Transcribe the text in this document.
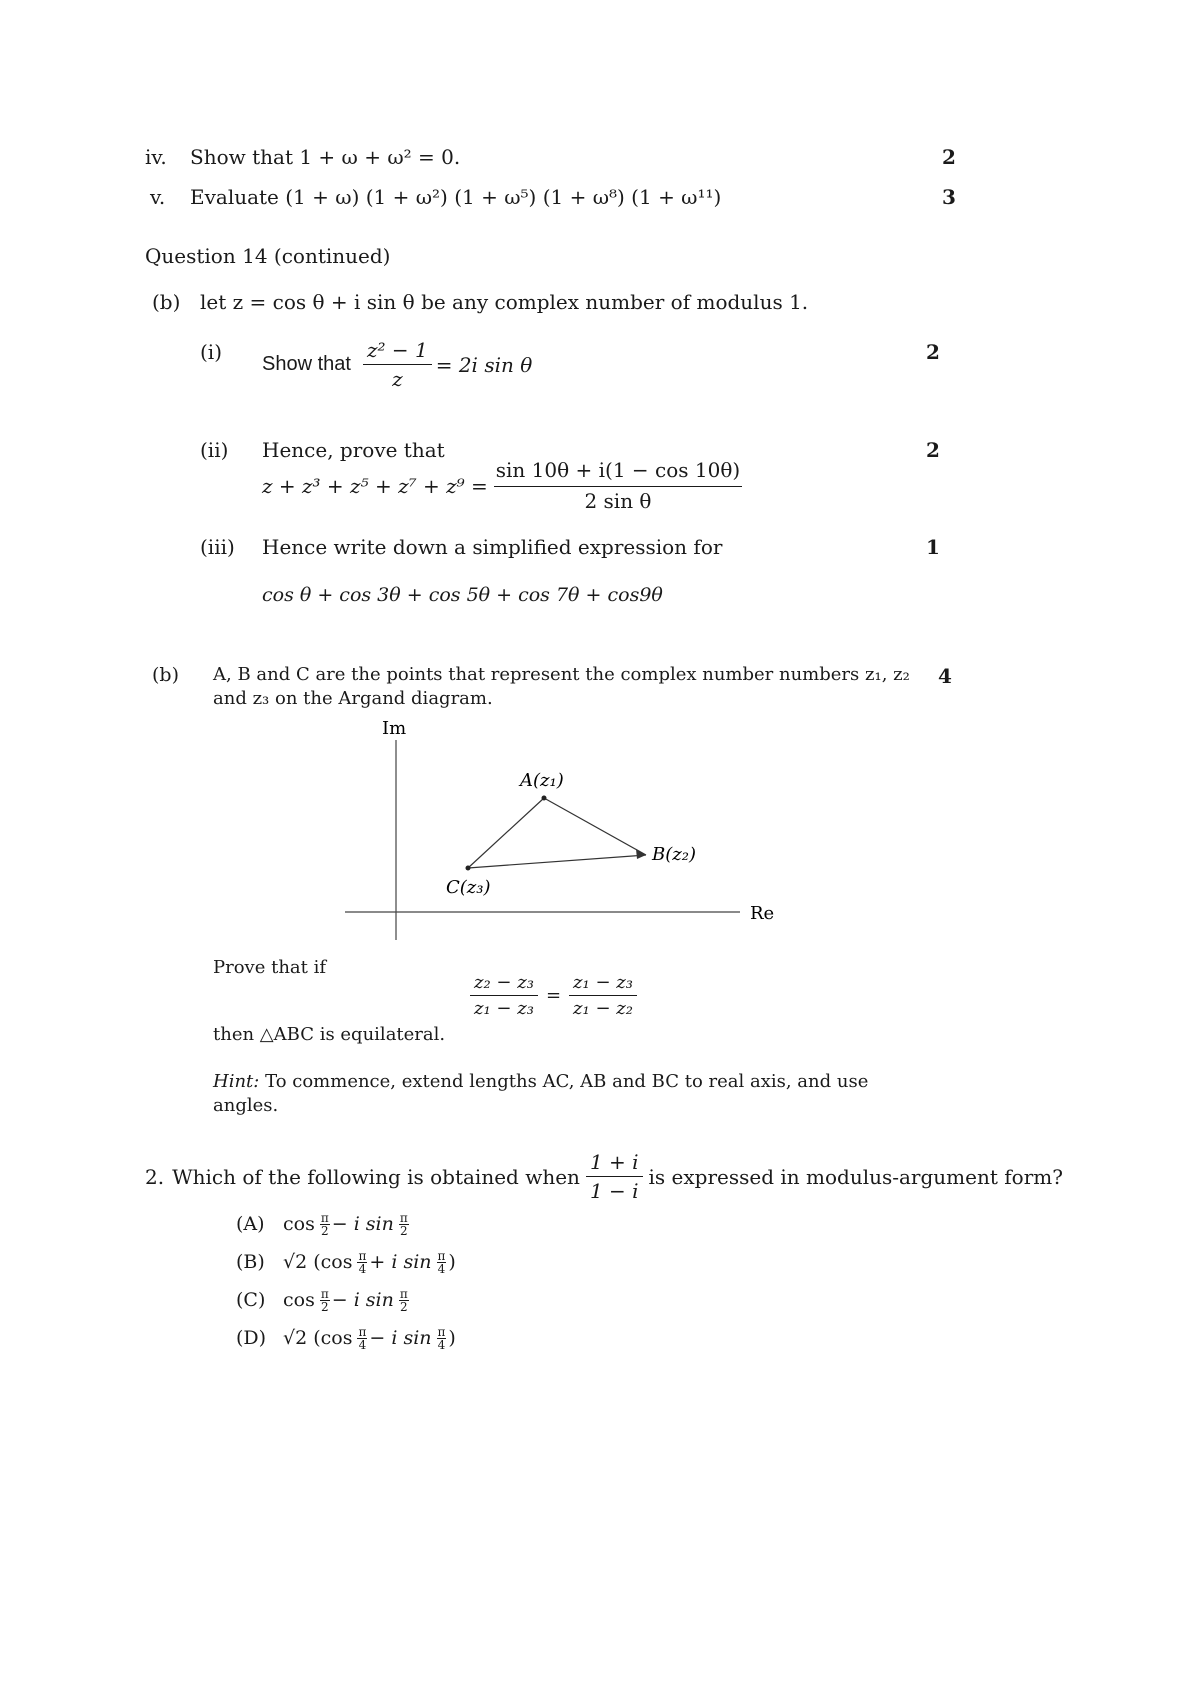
iv. Show that 1 + ω + ω² = 0.	2
v. Evaluate (1 + ω) (1 + ω²) (1 + ω⁵) (1 + ω⁸) (1 + ω¹¹)	3
Question 14 (continued)
(b) let z = cos θ + i sin θ be any complex number of modulus 1.
(i) Show that $\frac{\text{z² − 1}}{z} = 2i$ sin θ
2
(ii) Hence, prove that
$z + z^3 + z^5 + z^7 + z^9 = \frac{\sin 10\theta + i(1 - \cos 10\theta)}{\text{2 sin θ}}$
2
(iii) Hence write down a simplified expression for	1
cos θ + cos 3θ + cos 5θ + cos 7θ + cos9θ
(b) A, B and C are the points that represent the complex number numbers z₁, z₂
and z₃ on the Argand diagram.
4
Im
Re
A(z₁)
B(z₂)
C(z₃)
Prove that if
$\frac{\text{z₂ − z₃}}{\text{z₁ − z₃}} = \frac{\text{z₁ − z₃}}{\text{z₁ − z₂}}$
then △ABC is equilateral.
Hint: To commence, extend lengths AC, AB and BC to real axis, and use
angles.
2. Which of the following is obtained when $\frac{1 + i}{1 - i}$ is expressed in modulus-argument form?
(A) $\cos \frac{\pi}{2} - i$ $\sin \frac{\pi}{2}$
(B) √2 ($\cos \frac{\pi}{4} + i$ $\sin \frac{\pi}{4}$ )
(C) $\cos \frac{\pi}{2} - i$ $\sin \frac{\pi}{2}$
(D) √2 ($\cos \frac{\pi}{4} - i$ $\sin \frac{\pi}{4}$ )
